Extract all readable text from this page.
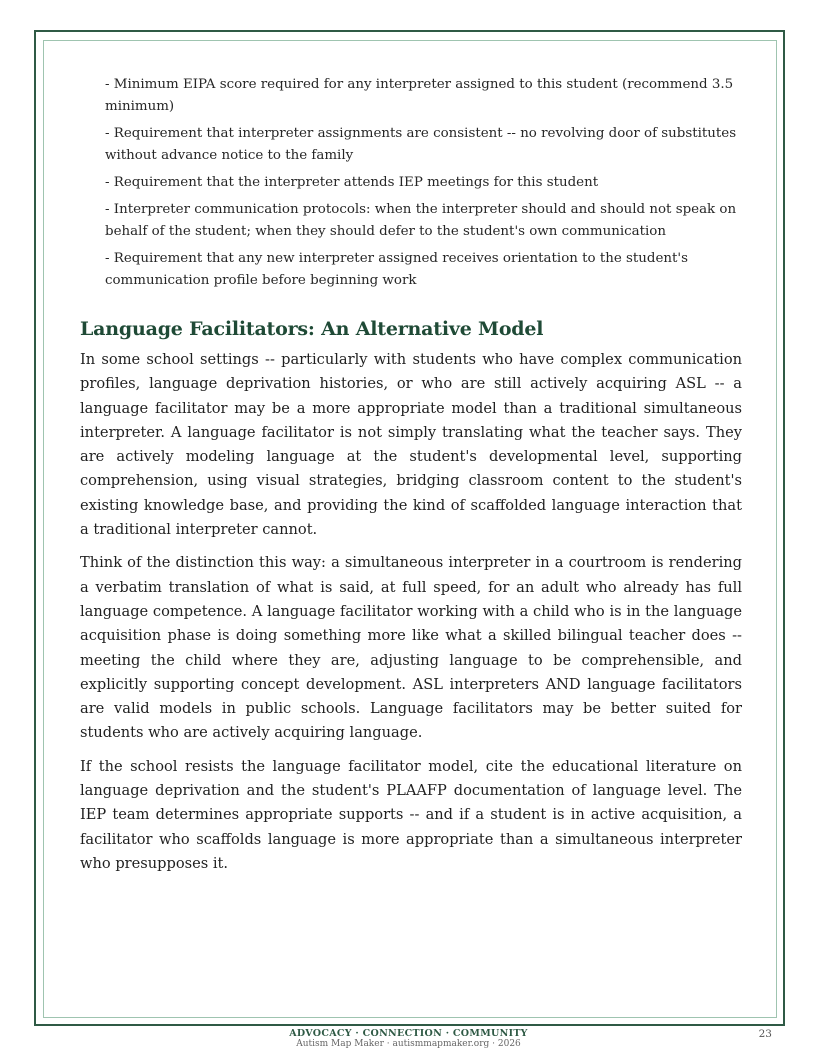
- Minimum EIPA score required for any interpreter assigned to this student (recommend 3.5 minimum)
- Requirement that interpreter assignments are consistent -- no revolving door of substitutes without advance notice to the family
- Requirement that the interpreter attends IEP meetings for this student
- Interpreter communication protocols: when the interpreter should and should not speak on behalf of the student; when they should defer to the student's own communication
- Requirement that any new interpreter assigned receives orientation to the student's communication profile before beginning work
Language Facilitators: An Alternative Model

In some school settings -- particularly with students who have complex communication profiles, language deprivation histories, or who are still actively acquiring ASL -- a language facilitator may be a more appropriate model than a traditional simultaneous interpreter. A language facilitator is not simply translating what the teacher says. They are actively modeling language at the student's developmental level, supporting comprehension, using visual strategies, bridging classroom content to the student's existing knowledge base, and providing the kind of scaffolded language interaction that a traditional interpreter cannot.

Think of the distinction this way: a simultaneous interpreter in a courtroom is rendering a verbatim translation of what is said, at full speed, for an adult who already has full language competence. A language facilitator working with a child who is in the language acquisition phase is doing something more like what a skilled bilingual teacher does -- meeting the child where they are, adjusting language to be comprehensible, and explicitly supporting concept development. ASL interpreters AND language facilitators are valid models in public schools. Language facilitators may be better suited for students who are actively acquiring language.

If the school resists the language facilitator model, cite the educational literature on language deprivation and the student's PLAAFP documentation of language level. The IEP team determines appropriate supports -- and if a student is in active acquisition, a facilitator who scaffolds language is more appropriate than a simultaneous interpreter who presupposes it.

ADVOCACY · CONNECTION · COMMUNITY
Autism Map Maker · autismmapmaker.org · 2026
23
